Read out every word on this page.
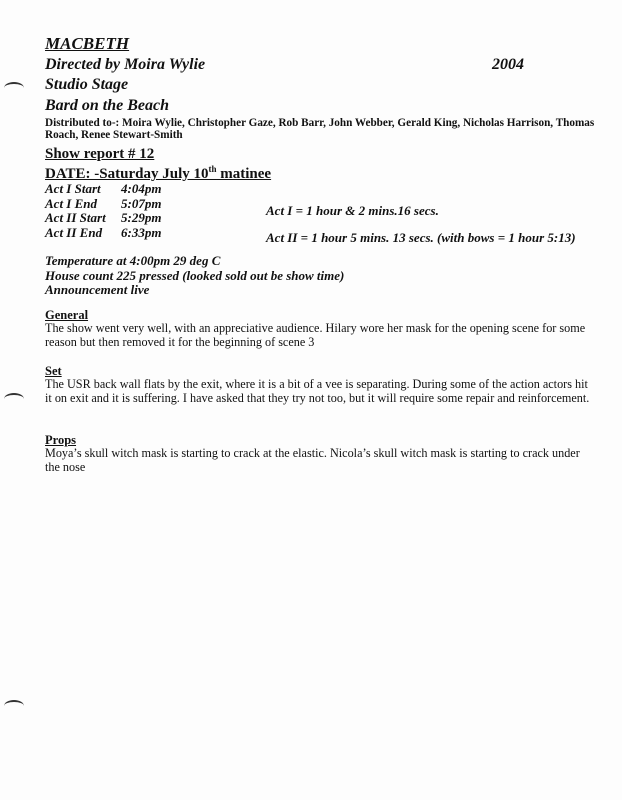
MACBETH
Directed by Moira Wylie
Studio Stage
Bard on the Beach
2004
Distributed to-: Moira Wylie, Christopher Gaze, Rob Barr, John Webber, Gerald King, Nicholas Harrison, Thomas
Roach, Renee Stewart-Smith
Show report # 12
DATE: -Saturday July 10th matinee
Act I Start 4:04pm
Act I End 5:07pm
Act II Start 5:29pm
Act II End 6:33pm
Act I = 1 hour & 2 mins.16 secs.
Act II = 1 hour 5 mins. 13 secs. (with bows = 1 hour 5:13)
Temperature at 4:00pm 29 deg C
House count 225 pressed (looked sold out be show time)
Announcement live
General
The show went very well, with an appreciative audience. Hilary wore her mask for the opening scene for some reason but then removed it for the beginning of scene 3
Set
The USR back wall flats by the exit, where it is a bit of a vee is separating. During some of the action actors hit it on exit and it is suffering. I have asked that they try not too, but it will require some repair and reinforcement.
Props
Moya’s skull witch mask is starting to crack at the elastic. Nicola’s skull witch mask is starting to crack under the nose
